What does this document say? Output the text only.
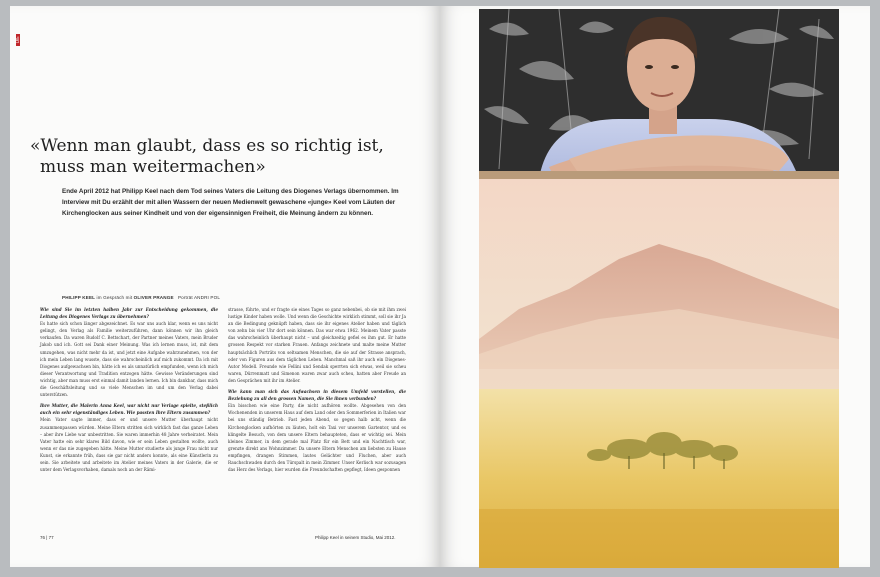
DIE
«Wenn man glaubt, dass es so richtig ist,
muss man weitermachen»
Ende April 2012 hat Philipp Keel nach dem Tod seines Vaters die Leitung des Diogenes Verlags übernommen. Im Interview mit Du erzählt der mit allen Wassern der neuen Medienwelt gewaschene «junge» Keel vom Läuten der Kirchenglocken aus seiner Kindheit und von der eigensinnigen Freiheit, die Meinung ändern zu können.
PHILIPP KEEL im Gespräch mit OLIVER PRANGE Porträt ANDRI POL

Wie sind Sie im letzten halben Jahr zur Entscheidung gekommen, die Leitung des Diogenes Verlags zu übernehmen?

Es hatte sich schon länger abgezeichnet. Es war uns auch klar, wenn es uns nicht gelingt, den Verlag als Familie weiterzuführen, dann können wir ihn gleich verkaufen. Da waren Rudolf C. Bettschart, der Partner meines Vaters, mein Bruder Jakob und ich. Gott sei Dank einer Meinung. Was ich lernen muss, ist, mit dem umzugehen, was nicht mehr da ist, und jetzt eine Aufgabe wahrzunehmen, von der ich mein Leben lang wusste, dass sie wahrscheinlich auf mich zukommt. Da ich mit Diogenes aufgewachsen bin, hätte ich es als unnatürlich empfunden, wenn ich mich dieser Verantwortung und Tradition entzogen hätte. Gewisse Veränderungen sind wichtig, aber man muss erst einmal damit landen lernen. Ich bin dankbar, dass mich die Geschäftsleitung und so viele Menschen im und um den Verlag dabei unterstützen.

Ihre Mutter, die Malerin Anna Keel, war nicht nur Verlage spielte, steßlich auch ein sehr eigenständiges Leben. Wie passten Ihre Eltern zusammen?

Mein Vater sagte immer, dass er und unsere Mutter überhaupt nicht zusammenpassen würden. Meine Eltern stritten sich wirklich fast das ganze Leben – aber ihre Liebe war unbestritten. Sie waren immerhin 48 Jahre verheiratet. Mein Vater hatte ein sehr klares Bild davon, wie er sein Leben gestalten wollte, auch wenn er das nie zugegeben hätte. Meine Mutter studierte als junge Frau nicht nur Kunst, sie erkannte früh, dass sie gar nicht anders konnte, als eine Künstlerin zu sein. Sie arbeitete und arbeitete im Atelier meines Vaters in der Galerie, die er unter dem Verlagsvorhaben, damals noch an der Rämi-

strasse, führte, und er fragte sie eines Tages so ganz nebenbei, ob sie mit ihm zwei lustige Kinder haben wolle. Und wenn die Geschichte wirklich stimmt, soll sie ihr Ja an die Bedingung geknüpft haben, dass sie ihr eigenes Atelier haben und täglich von zehn bis vier Uhr dort sein können. Das war etwa 1962. Meinem Vater passte das wahrscheinlich überhaupt nicht – und gleichzeitig gefiel es ihm gut. Er hatte grossen Respekt vor starken Frauen. Anfangs zeichnete und malte meine Mutter hauptsächlich Porträts von seltsamen Menschen, die sie auf der Strasse ansprach, oder von Figuren aus dem täglichen Leben. Manchmal saß ihr auch ein Diogenes-Autor Modell. Freunde wie Fellini und Sendak sperrten sich etwas, weil sie scheu waren, Dürrenmatt und Simenon waren zwar auch scheu, hatten aber Freude an den Gesprächen mit ihr im Atelier.

Wie kann man sich das Aufwachsen in diesem Umfeld vorstellen, die Beziehung zu all den grossen Namen, die Sie ihnen verbunden?

Ein bisschen wie eine Party, die nicht aufhören wollte. Abgesehen von den Wochenenden in unserem Haus auf dem Land oder den Sommerferien in Italien war bei uns ständig Betrieb. Fast jeden Abend, so gegen halb acht, wenn die Kirchenglocken aufhörten zu läuten, holt ein Taxi vor unserem Gartentor, und es klingelte Besuch, von dem unsere Eltern behaupteten, dass er wichtig sei. Mein kleines Zimmer, in dem gerade mal Platz für ein Bett und ein Nachttisch war, grenzte direkt ans Wohnzimmer. Da unsere Eltern Menschen am liebsten zu Hause empfingen, drangen Stimmen, lautes Gelächter und Fluchen, aber auch Rauchschwaden durch den Türspalt in mein Zimmer. Unser Kerlisch war sozusagen das Herz des Verlags, hier wurden die Freundschaften gepflegt, Ideen gesponnen

76 | 77	Philipp Keel in seinem Studio, Mai 2012.
